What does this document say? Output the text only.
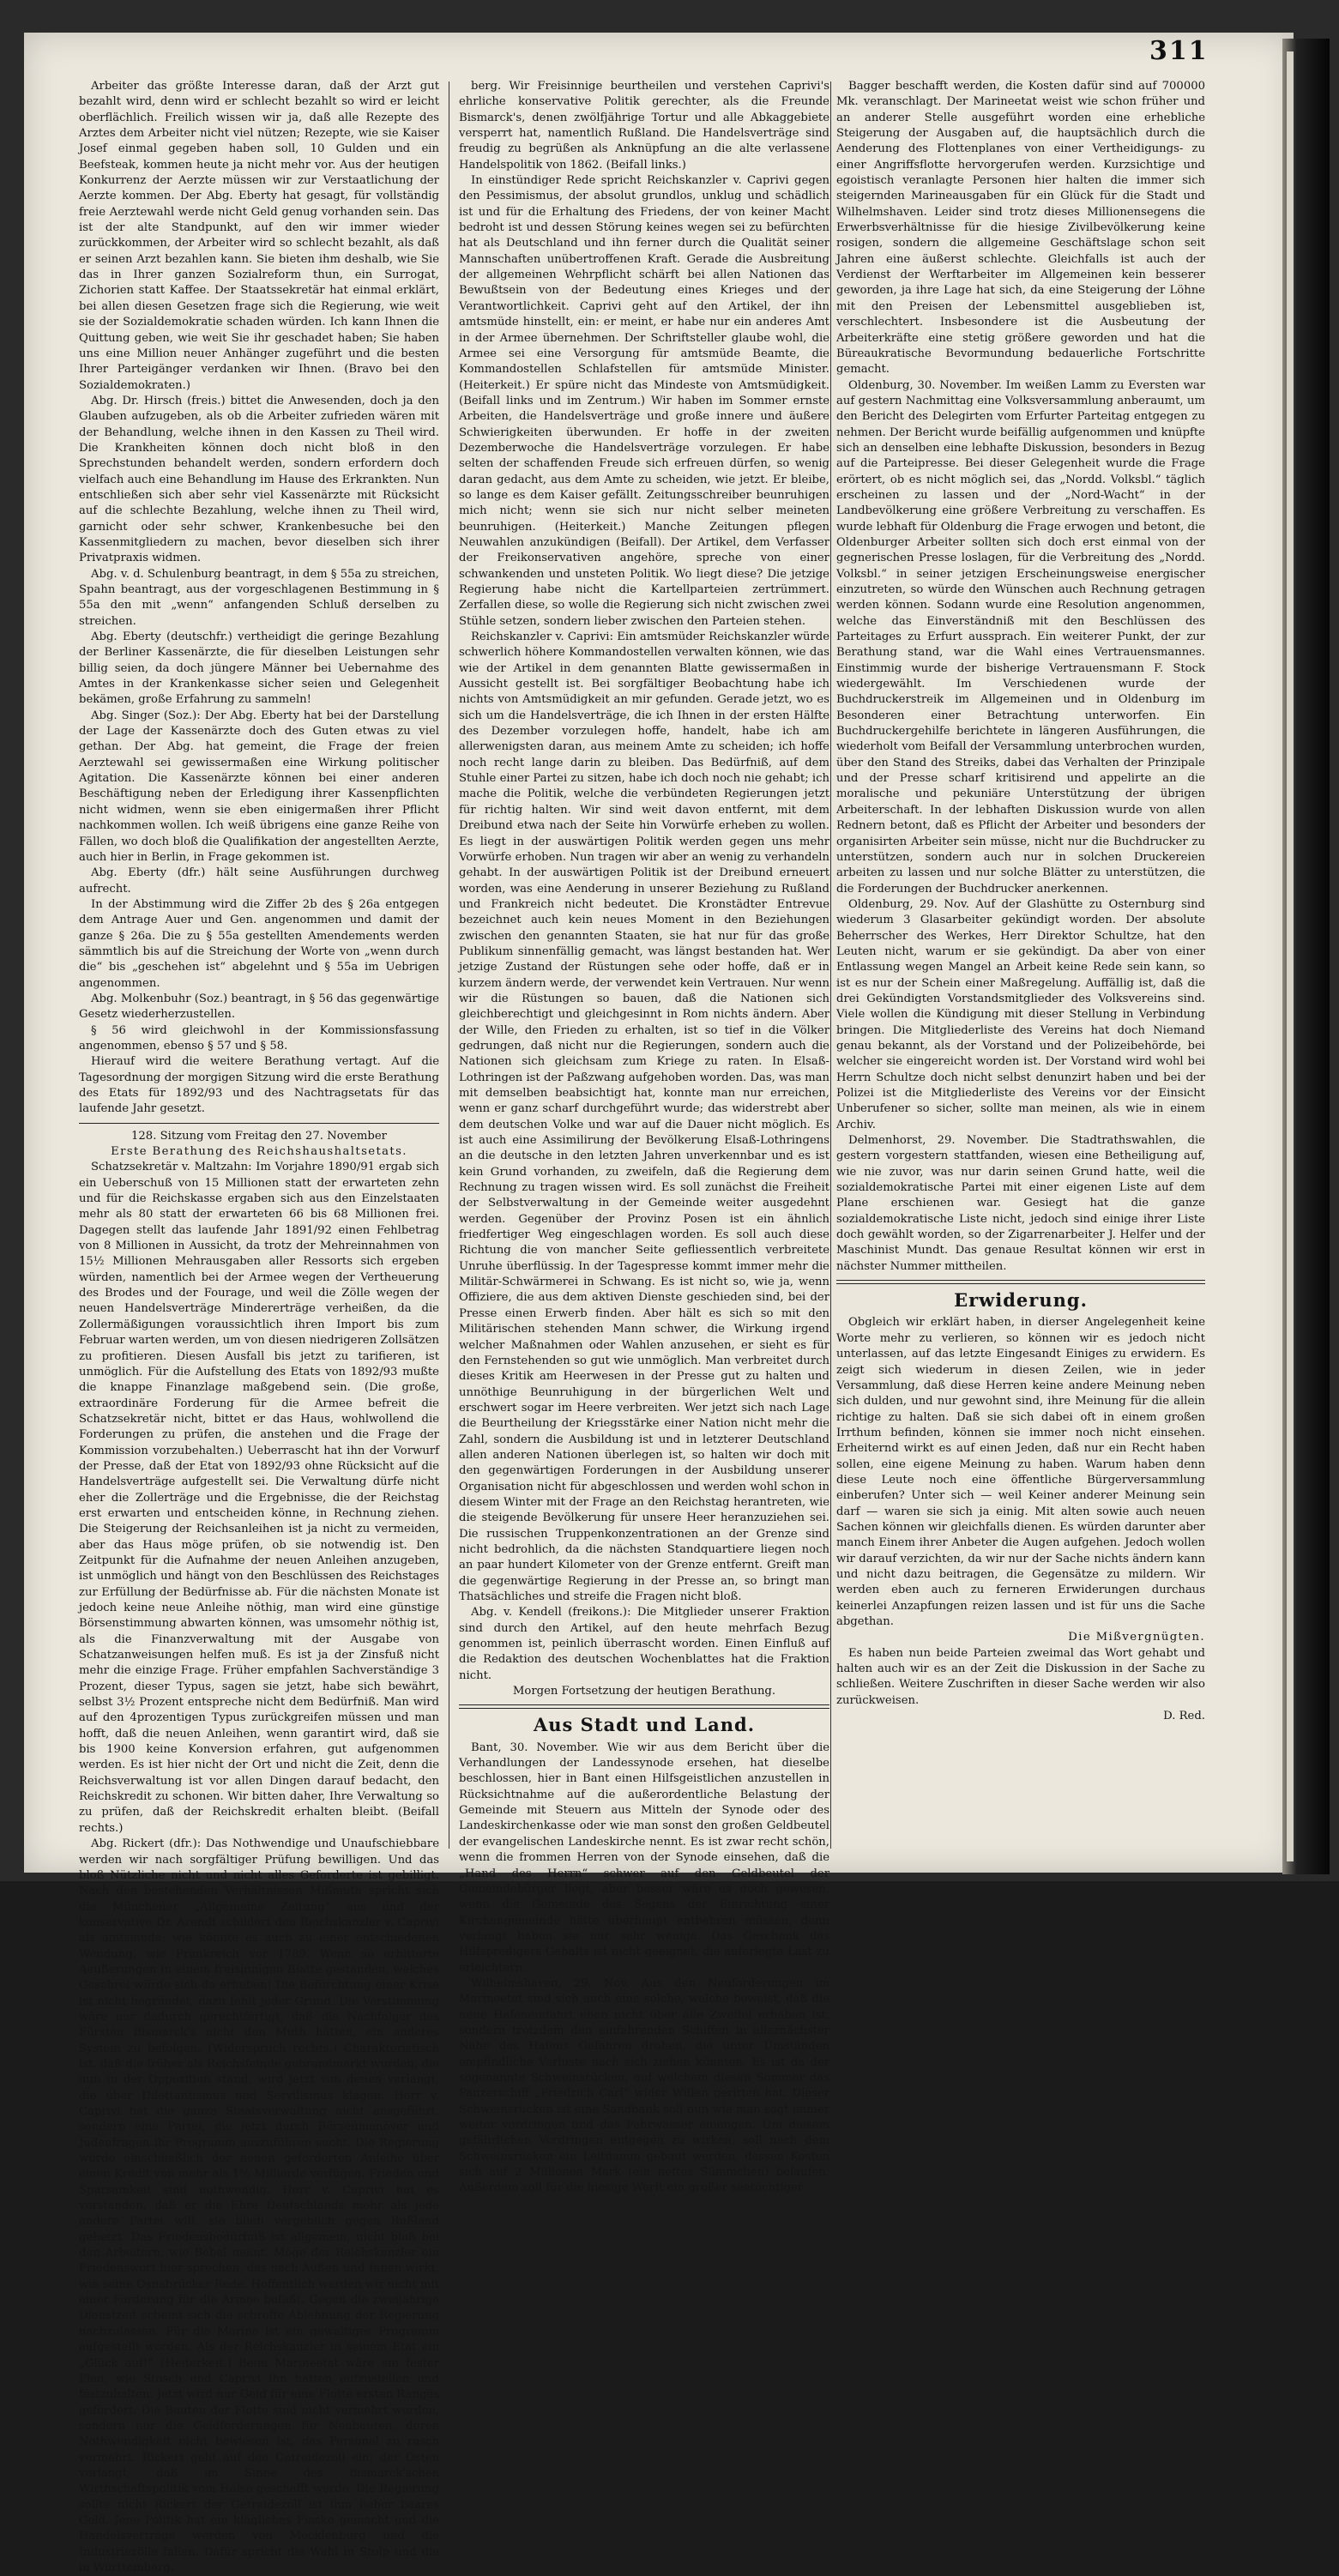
311

Arbeiter das größte Interesse daran, daß der Arzt gut bezahlt wird, denn wird er schlecht bezahlt so wird er leicht oberflächlich. Freilich wissen wir ja, daß alle Rezepte des Arztes dem Arbeiter nicht viel nützen; Rezepte, wie sie Kaiser Josef einmal gegeben haben soll, 10 Gulden und ein Beefsteak, kommen heute ja nicht mehr vor. Aus der heutigen Konkurrenz der Aerzte müssen wir zur Verstaatlichung der Aerzte kommen. Der Abg. Eberty hat gesagt, für vollständig freie Aerztewahl werde nicht Geld genug vorhanden sein. Das ist der alte Standpunkt, auf den wir immer wieder zurückkommen, der Arbeiter wird so schlecht bezahlt, als daß er seinen Arzt bezahlen kann. Sie bieten ihm deshalb, wie Sie das in Ihrer ganzen Sozialreform thun, ein Surrogat, Zichorien statt Kaffee. Der Staatssekretär hat einmal erklärt, bei allen diesen Gesetzen frage sich die Regierung, wie weit sie der Sozialdemokratie schaden würden. Ich kann Ihnen die Quittung geben, wie weit Sie ihr geschadet haben; Sie haben uns eine Million neuer Anhänger zugeführt und die besten Ihrer Parteigänger verdanken wir Ihnen. (Bravo bei den Sozialdemokraten.)

Abg. Dr. Hirsch (freis.) bittet die Anwesenden, doch ja den Glauben aufzugeben, als ob die Arbeiter zufrieden wären mit der Behandlung, welche ihnen in den Kassen zu Theil wird. Die Krankheiten können doch nicht bloß in den Sprechstunden behandelt werden, sondern erfordern doch vielfach auch eine Behandlung im Hause des Erkrankten. Nun entschließen sich aber sehr viel Kassenärzte mit Rücksicht auf die schlechte Bezahlung, welche ihnen zu Theil wird, garnicht oder sehr schwer, Krankenbesuche bei den Kassenmitgliedern zu machen, bevor dieselben sich ihrer Privatpraxis widmen.

Abg. v. d. Schulenburg beantragt, in dem § 55a zu streichen, Spahn beantragt, aus der vorgeschlagenen Bestimmung in § 55a den mit „wenn“ anfangenden Schluß derselben zu streichen.

Abg. Eberty (deutschfr.) vertheidigt die geringe Bezahlung der Berliner Kassenärzte, die für dieselben Leistungen sehr billig seien, da doch jüngere Männer bei Uebernahme des Amtes in der Krankenkasse sicher seien und Gelegenheit bekämen, große Erfahrung zu sammeln!

Abg. Singer (Soz.): Der Abg. Eberty hat bei der Darstellung der Lage der Kassenärzte doch des Guten etwas zu viel gethan. Der Abg. hat gemeint, die Frage der freien Aerztewahl sei gewissermaßen eine Wirkung politischer Agitation. Die Kassenärzte können bei einer anderen Beschäftigung neben der Erledigung ihrer Kassenpflichten nicht widmen, wenn sie eben einigermaßen ihrer Pflicht nachkommen wollen. Ich weiß übrigens eine ganze Reihe von Fällen, wo doch bloß die Qualifikation der angestellten Aerzte, auch hier in Berlin, in Frage gekommen ist.

Abg. Eberty (dfr.) hält seine Ausführungen durchweg aufrecht.

In der Abstimmung wird die Ziffer 2b des § 26a entgegen dem Antrage Auer und Gen. angenommen und damit der ganze § 26a. Die zu § 55a gestellten Amendements werden sämmtlich bis auf die Streichung der Worte von „wenn durch die“ bis „geschehen ist“ abgelehnt und § 55a im Uebrigen angenommen.

Abg. Molkenbuhr (Soz.) beantragt, in § 56 das gegenwärtige Gesetz wiederherzustellen.

§ 56 wird gleichwohl in der Kommissionsfassung angenommen, ebenso § 57 und § 58.

Hierauf wird die weitere Berathung vertagt. Auf die Tagesordnung der morgigen Sitzung wird die erste Berathung des Etats für 1892/93 und des Nachtragsetats für das laufende Jahr gesetzt.

128. Sitzung vom Freitag den 27. November

Erste Berathung des Reichshaushaltsetats.

Schatzsekretär v. Maltzahn: Im Vorjahre 1890/91 ergab sich ein Ueberschuß von 15 Millionen statt der erwarteten zehn und für die Reichskasse ergaben sich aus den Einzelstaaten mehr als 80 statt der erwarteten 66 bis 68 Millionen frei. Dagegen stellt das laufende Jahr 1891/92 einen Fehlbetrag von 8 Millionen in Aussicht, da trotz der Mehreinnahmen von 15½ Millionen Mehrausgaben aller Ressorts sich ergeben würden, namentlich bei der Armee wegen der Vertheuerung des Brodes und der Fourage, und weil die Zölle wegen der neuen Handelsverträge Mindererträge verheißen, da die Zollermäßigungen voraussichtlich ihren Import bis zum Februar warten werden, um von diesen niedrigeren Zollsätzen zu profitieren. Diesen Ausfall bis jetzt zu tarifieren, ist unmöglich. Für die Aufstellung des Etats von 1892/93 mußte die knappe Finanzlage maßgebend sein. (Die große, extraordinäre Forderung für die Armee befreit die Schatzsekretär nicht, bittet er das Haus, wohlwollend die Forderungen zu prüfen, die anstehen und die Frage der Kommission vorzubehalten.) Ueberrascht hat ihn der Vorwurf der Presse, daß der Etat von 1892/93 ohne Rücksicht auf die Handelsverträge aufgestellt sei. Die Verwaltung dürfe nicht eher die Zollerträge und die Ergebnisse, die der Reichstag erst erwarten und entscheiden könne, in Rechnung ziehen. Die Steigerung der Reichsanleihen ist ja nicht zu vermeiden, aber das Haus möge prüfen, ob sie notwendig ist. Den Zeitpunkt für die Aufnahme der neuen Anleihen anzugeben, ist unmöglich und hängt von den Beschlüssen des Reichstages zur Erfüllung der Bedürfnisse ab. Für die nächsten Monate ist jedoch keine neue Anleihe nöthig, man wird eine günstige Börsenstimmung abwarten können, was umsomehr nöthig ist, als die Finanzverwaltung mit der Ausgabe von Schatzanweisungen helfen muß. Es ist ja der Zinsfuß nicht mehr die einzige Frage. Früher empfahlen Sachverständige 3 Prozent, dieser Typus, sagen sie jetzt, habe sich bewährt, selbst 3½ Prozent entspreche nicht dem Bedürfniß. Man wird auf den 4prozentigen Typus zurückgreifen müssen und man hofft, daß die neuen Anleihen, wenn garantirt wird, daß sie bis 1900 keine Konversion erfahren, gut aufgenommen werden. Es ist hier nicht der Ort und nicht die Zeit, denn die Reichsverwaltung ist vor allen Dingen darauf bedacht, den Reichskredit zu schonen. Wir bitten daher, Ihre Verwaltung so zu prüfen, daß der Reichskredit erhalten bleibt. (Beifall rechts.)

Abg. Rickert (dfr.): Das Nothwendige und Unaufschiebbare werden wir nach sorgfältiger Prüfung bewilligen. Und das bloß Nützliche nicht und nicht alles Geforderte ist gebilligt. Nach den bestehenden Verhältnissen Mißmuth spricht sich die Münchener „Allgemeine Zeitung“ aus und der konservative Dr. Arendt schildert den Reichskanzler v. Caprivi als amtsmüde; wie könnte es auch zu einer entschiedenen Wendung, wie Frankreich vor 1789. Wenn so erbitterte Aeußerungen in einem freisinnigen Blatte gestanden, welches Geschrei würde sich da erheben! Die Befürchtung einer Krise ist nicht begründet, dazu fehlt jeder Grund. Die Verstimmung wäre nur dadurch gerechtfertigt, daß die Nachfolger des Fürsten Bismarck's nicht den Muth hätten, ein anderes System zu befolgen. (Widerspruch rechts.) Charakteristisch ist, daß die früher als Reichsfeinde gebrandmarkt wurden, die nun in der Opposition stand, wird jetzt von denen verlangt, die über Dilettantismus und Servilismus klagen. Herr v. Caprivi hat die ganze Staatsverwaltung nicht ausgeführt, sondern eine Partei, die jetzt durch Börsenmanöver und Judenfragen ihr Programm auszuführen sucht. Die Regierung würde einschließlich der neuen geforderten Anleihe über einen Kredit von mehr als 1½ Milliarde verfügen. Frieden und Sparsamkeit sind nothwendig. Herr v. Caprivi hat es verstanden, daß er die Ehre Deutschlands mehr als jede andere Partei will, sie blieb vergeblich gegen Rußland gehetzt. Das Friedensbedürfniß ist allgemein, nicht bloß bei den Arbeitern, wie Bebel meint. Möge der Reichskanzler ein Friedenswort hier sprechen, das nach Außen und Innen wirkt, wie seine Osnabrücker Rede. Hoffentlich werden wir nicht mit einer Forderung für die Armee befaßt. Gegen die zweijährige Dienstzeit scheint sich die schroffe Ablehnung der Regierung nachzulassen. Für die Marine ist ein gewaltiges Programm aufgestellt worden. Als der Reichskanzler in seinem Etat ein „Glück auf!“ (Heiterkeit.) Beim Marineetat wäre ein fester Plan, wie Stosch und Caprivi ihn hatten aufzustellen und festzuhalten. Jetzt wird nur Geld für eine Flotte ersten Ranges gefordert. Die Bauten der Flotte sind nicht vermehrt worden, sondern nur die Geldforderungen für Neubauten, deren Nothwendigkeit nicht bewiesen ist, das Personal zu rasch vermehrt. Rickert geht auf den Getreidezoll ein: der Osten verlangt, daß im Sinne des Bismarck'schen Wirthschaftspolitik vom Halse geschafft werde. Die Regierung sollte nicht Rickert der Getreidezoll ist ihm lieber baares Geld. Jene Politik hat ein klägliches Fiasko gemacht und die Handelsverträge werden von Mecklenburg und die Industriezölle fallen. Dafür spricht die Wahl in Stolp und die in Württemberg.

berg. Wir Freisinnige beurtheilen und verstehen Caprivi's ehrliche konservative Politik gerechter, als die Freunde Bismarck's, denen zwölfjährige Tortur und alle Abkaggebiete versperrt hat, namentlich Rußland. Die Handelsverträge sind freudig zu begrüßen als Anknüpfung an die alte verlassene Handelspolitik von 1862. (Beifall links.)

In einstündiger Rede spricht Reichskanzler v. Caprivi gegen den Pessimismus, der absolut grundlos, unklug und schädlich ist und für die Erhaltung des Friedens, der von keiner Macht bedroht ist und dessen Störung keines wegen sei zu befürchten hat als Deutschland und ihn ferner durch die Qualität seiner Mannschaften unübertroffenen Kraft. Gerade die Ausbreitung der allgemeinen Wehrpflicht schärft bei allen Nationen das Bewußtsein von der Bedeutung eines Krieges und der Verantwortlichkeit. Caprivi geht auf den Artikel, der ihn amtsmüde hinstellt, ein: er meint, er habe nur ein anderes Amt in der Armee übernehmen. Der Schriftsteller glaube wohl, die Armee sei eine Versorgung für amtsmüde Beamte, die Kommandostellen Schlafstellen für amtsmüde Minister. (Heiterkeit.) Er spüre nicht das Mindeste von Amtsmüdigkeit. (Beifall links und im Zentrum.) Wir haben im Sommer ernste Arbeiten, die Handelsverträge und große innere und äußere Schwierigkeiten überwunden. Er hoffe in der zweiten Dezemberwoche die Handelsverträge vorzulegen. Er habe selten der schaffenden Freude sich erfreuen dürfen, so wenig daran gedacht, aus dem Amte zu scheiden, wie jetzt. Er bleibe, so lange es dem Kaiser gefällt. Zeitungsschreiber beunruhigen mich nicht; wenn sie sich nur nicht selber meineten beunruhigen. (Heiterkeit.) Manche Zeitungen pflegen Neuwahlen anzukündigen (Beifall). Der Artikel, dem Verfasser der Freikonservativen angehöre, spreche von einer schwankenden und unsteten Politik. Wo liegt diese? Die jetzige Regierung habe nicht die Kartellparteien zertrümmert. Zerfallen diese, so wolle die Regierung sich nicht zwischen zwei Stühle setzen, sondern lieber zwischen den Parteien stehen.

Reichskanzler v. Caprivi: Ein amtsmüder Reichskanzler würde schwerlich höhere Kommandostellen verwalten können, wie das wie der Artikel in dem genannten Blatte gewissermaßen in Aussicht gestellt ist. Bei sorgfältiger Beobachtung habe ich nichts von Amtsmüdigkeit an mir gefunden. Gerade jetzt, wo es sich um die Handelsverträge, die ich Ihnen in der ersten Hälfte des Dezember vorzulegen hoffe, handelt, habe ich am allerwenigsten daran, aus meinem Amte zu scheiden; ich hoffe noch recht lange darin zu bleiben. Das Bedürfniß, auf dem Stuhle einer Partei zu sitzen, habe ich doch noch nie gehabt; ich mache die Politik, welche die verbündeten Regierungen jetzt für richtig halten. Wir sind weit davon entfernt, mit dem Dreibund etwa nach der Seite hin Vorwürfe erheben zu wollen. Es liegt in der auswärtigen Politik werden gegen uns mehr Vorwürfe erhoben. Nun tragen wir aber an wenig zu verhandeln gehabt. In der auswärtigen Politik ist der Dreibund erneuert worden, was eine Aenderung in unserer Beziehung zu Rußland und Frankreich nicht bedeutet. Die Kronstädter Entrevue bezeichnet auch kein neues Moment in den Beziehungen zwischen den genannten Staaten, sie hat nur für das große Publikum sinnenfällig gemacht, was längst bestanden hat. Wer jetzige Zustand der Rüstungen sehe oder hoffe, daß er in kurzem ändern werde, der verwendet kein Vertrauen. Nur wenn wir die Rüstungen so bauen, daß die Nationen sich gleichberechtigt und gleichgesinnt in Rom nichts ändern. Aber der Wille, den Frieden zu erhalten, ist so tief in die Völker gedrungen, daß nicht nur die Regierungen, sondern auch die Nationen sich gleichsam zum Kriege zu raten. In Elsaß-Lothringen ist der Paßzwang aufgehoben worden. Das, was man mit demselben beabsichtigt hat, konnte man nur erreichen, wenn er ganz scharf durchgeführt wurde; das widerstrebt aber dem deutschen Volke und war auf die Dauer nicht möglich. Es ist auch eine Assimilirung der Bevölkerung Elsaß-Lothringens an die deutsche in den letzten Jahren unverkennbar und es ist kein Grund vorhanden, zu zweifeln, daß die Regierung dem Rechnung zu tragen wissen wird. Es soll zunächst die Freiheit der Selbstverwaltung in der Gemeinde weiter ausgedehnt werden. Gegenüber der Provinz Posen ist ein ähnlich friedfertiger Weg eingeschlagen worden. Es soll auch diese Richtung die von mancher Seite gefliessentlich verbreitete Unruhe überflüssig. In der Tagespresse kommt immer mehr die Militär-Schwärmerei in Schwang. Es ist nicht so, wie ja, wenn Offiziere, die aus dem aktiven Dienste geschieden sind, bei der Presse einen Erwerb finden. Aber hält es sich so mit den Militärischen stehenden Mann schwer, die Wirkung irgend welcher Maßnahmen oder Wahlen anzusehen, er sieht es für den Fernstehenden so gut wie unmöglich. Man verbreitet durch dieses Kritik am Heerwesen in der Presse gut zu halten und unnöthige Beunruhigung in der bürgerlichen Welt und erschwert sogar im Heere verbreiten. Wer jetzt sich nach Lage die Beurtheilung der Kriegsstärke einer Nation nicht mehr die Zahl, sondern die Ausbildung ist und in letzterer Deutschland allen anderen Nationen überlegen ist, so halten wir doch mit den gegenwärtigen Forderungen in der Ausbildung unserer Organisation nicht für abgeschlossen und werden wohl schon in diesem Winter mit der Frage an den Reichstag herantreten, wie die steigende Bevölkerung für unsere Heer heranzuziehen sei. Die russischen Truppenkonzentrationen an der Grenze sind nicht bedrohlich, da die nächsten Standquartiere liegen noch an paar hundert Kilometer von der Grenze entfernt. Greift man die gegenwärtige Regierung in der Presse an, so bringt man Thatsächliches und streife die Fragen nicht bloß.

Abg. v. Kendell (freikons.): Die Mitglieder unserer Fraktion sind durch den Artikel, auf den heute mehrfach Bezug genommen ist, peinlich überrascht worden. Einen Einfluß auf die Redaktion des deutschen Wochenblattes hat die Fraktion nicht.

Morgen Fortsetzung der heutigen Berathung.

Aus Stadt und Land.

Bant, 30. November. Wie wir aus dem Bericht über die Verhandlungen der Landessynode ersehen, hat dieselbe beschlossen, hier in Bant einen Hilfsgeistlichen anzustellen in Rücksichtnahme auf die außerordentliche Belastung der Gemeinde mit Steuern aus Mitteln der Synode oder des Landeskirchenkasse oder wie man sonst den großen Geldbeutel der evangelischen Landeskirche nennt. Es ist zwar recht schön, wenn die frommen Herren von der Synode einsehen, daß die „Hand des Herrn“ schwer auf den Geldbeutel der Gemeindebürger liegt, aber besser wäre es doch gewesen, wenn die Gemeinde des Segens der Einrichtung einer Kirchengemeinde hätte überhaupt entbehren müssen, denn verlangt haben sie nur sehr wenige. Das Geschenk des Hilfspredigers Gehalts ist nicht geeignet, die auferlegte Last zu erleichtern.

Wilhelmshaven, 29. Nov. Aus den Neuforderungen im Marineetat sind sich auch eine solche, welche beweist, daß die neue Hafeneinfahrt eben nicht über alle Zweifel erhaben ist, sondern trotzdem den einfahrenden Schiffen in allernächster Nähe des Hafens Gefahren drohen, die unter Umständen empfindliche Verluste nach sich ziehen könnten. Es ist da der sogenannte Schweinsrücken, auf welchem diesen Sommer das Panzerschiff „Friedrich Carl“ wider Willen geritten hat. Dieser Schweinsrücken ist eine Sandbank soll nun wie man sagt immer weiter vordringen und das Fahrwasser einengen. Um diesem gefährlichen Vordringen entgegen zu wirken, soll nach dem Schweinsrücken ein Leitdamm gebaut werden, dessen Kosten sich auf 2 Millionen Mark (ein nettes Sümmchen) belaufen. Außerdem soll für die hiesige Werft ein großer seetüchtiger

Bagger beschafft werden, die Kosten dafür sind auf 700000 Mk. veranschlagt. Der Marineetat weist wie schon früher und an anderer Stelle ausgeführt worden eine erhebliche Steigerung der Ausgaben auf, die hauptsächlich durch die Aenderung des Flottenplanes von einer Vertheidigungs- zu einer Angriffsflotte hervorgerufen werden. Kurzsichtige und egoistisch veranlagte Personen hier halten die immer sich steigernden Marineausgaben für ein Glück für die Stadt und Wilhelmshaven. Leider sind trotz dieses Millionensegens die Erwerbsverhältnisse für die hiesige Zivilbevölkerung keine rosigen, sondern die allgemeine Geschäftslage schon seit Jahren eine äußerst schlechte. Gleichfalls ist auch der Verdienst der Werftarbeiter im Allgemeinen kein besserer geworden, ja ihre Lage hat sich, da eine Steigerung der Löhne mit den Preisen der Lebensmittel ausgeblieben ist, verschlechtert. Insbesondere ist die Ausbeutung der Arbeiterkräfte eine stetig größere geworden und hat die Büreaukratische Bevormundung bedauerliche Fortschritte gemacht.

Oldenburg, 30. November. Im weißen Lamm zu Eversten war auf gestern Nachmittag eine Volksversammlung anberaumt, um den Bericht des Delegirten vom Erfurter Parteitag entgegen zu nehmen. Der Bericht wurde beifällig aufgenommen und knüpfte sich an denselben eine lebhafte Diskussion, besonders in Bezug auf die Parteipresse. Bei dieser Gelegenheit wurde die Frage erörtert, ob es nicht möglich sei, das „Nordd. Volksbl.“ täglich erscheinen zu lassen und der „Nord-Wacht“ in der Landbevölkerung eine größere Verbreitung zu verschaffen. Es wurde lebhaft für Oldenburg die Frage erwogen und betont, die Oldenburger Arbeiter sollten sich doch erst einmal von der gegnerischen Presse loslagen, für die Verbreitung des „Nordd. Volksbl.“ in seiner jetzigen Erscheinungsweise energischer einzutreten, so würde den Wünschen auch Rechnung getragen werden können. Sodann wurde eine Resolution angenommen, welche das Einverständniß mit den Beschlüssen des Parteitages zu Erfurt aussprach. Ein weiterer Punkt, der zur Berathung stand, war die Wahl eines Vertrauensmannes. Einstimmig wurde der bisherige Vertrauensmann F. Stock wiedergewählt. Im Verschiedenen wurde der Buchdruckerstreik im Allgemeinen und in Oldenburg im Besonderen einer Betrachtung unterworfen. Ein Buchdruckergehilfe berichtete in längeren Ausführungen, die wiederholt vom Beifall der Versammlung unterbrochen wurden, über den Stand des Streiks, dabei das Verhalten der Prinzipale und der Presse scharf kritisirend und appelirte an die moralische und pekuniäre Unterstützung der übrigen Arbeiterschaft. In der lebhaften Diskussion wurde von allen Rednern betont, daß es Pflicht der Arbeiter und besonders der organisirten Arbeiter sein müsse, nicht nur die Buchdrucker zu unterstützen, sondern auch nur in solchen Druckereien arbeiten zu lassen und nur solche Blätter zu unterstützen, die die Forderungen der Buchdrucker anerkennen.

Oldenburg, 29. Nov. Auf der Glashütte zu Osternburg sind wiederum 3 Glasarbeiter gekündigt worden. Der absolute Beherrscher des Werkes, Herr Direktor Schultze, hat den Leuten nicht, warum er sie gekündigt. Da aber von einer Entlassung wegen Mangel an Arbeit keine Rede sein kann, so ist es nur der Schein einer Maßregelung. Auffällig ist, daß die drei Gekündigten Vorstandsmitglieder des Volksvereins sind. Viele wollen die Kündigung mit dieser Stellung in Verbindung bringen. Die Mitgliederliste des Vereins hat doch Niemand genau bekannt, als der Vorstand und der Polizeibehörde, bei welcher sie eingereicht worden ist. Der Vorstand wird wohl bei Herrn Schultze doch nicht selbst denunzirt haben und bei der Polizei ist die Mitgliederliste des Vereins vor der Einsicht Unberufener so sicher, sollte man meinen, als wie in einem Archiv.

Delmenhorst, 29. November. Die Stadtrathswahlen, die gestern vorgestern stattfanden, wiesen eine Betheiligung auf, wie nie zuvor, was nur darin seinen Grund hatte, weil die sozialdemokratische Partei mit einer eigenen Liste auf dem Plane erschienen war. Gesiegt hat die ganze sozialdemokratische Liste nicht, jedoch sind einige ihrer Liste doch gewählt worden, so der Zigarrenarbeiter J. Helfer und der Maschinist Mundt. Das genaue Resultat können wir erst in nächster Nummer mittheilen.

Erwiderung.

Obgleich wir erklärt haben, in dierser Angelegenheit keine Worte mehr zu verlieren, so können wir es jedoch nicht unterlassen, auf das letzte Eingesandt Einiges zu erwidern. Es zeigt sich wiederum in diesen Zeilen, wie in jeder Versammlung, daß diese Herren keine andere Meinung neben sich dulden, und nur gewohnt sind, ihre Meinung für die allein richtige zu halten. Daß sie sich dabei oft in einem großen Irrthum befinden, können sie immer noch nicht einsehen. Erheiternd wirkt es auf einen Jeden, daß nur ein Recht haben sollen, eine eigene Meinung zu haben. Warum haben denn diese Leute noch eine öffentliche Bürgerversammlung einberufen? Unter sich — weil Keiner anderer Meinung sein darf — waren sie sich ja einig. Mit alten sowie auch neuen Sachen können wir gleichfalls dienen. Es würden darunter aber manch Einem ihrer Anbeter die Augen aufgehen. Jedoch wollen wir darauf verzichten, da wir nur der Sache nichts ändern kann und nicht dazu beitragen, die Gegensätze zu mildern. Wir werden eben auch zu ferneren Erwiderungen durchaus keinerlei Anzapfungen reizen lassen und ist für uns die Sache abgethan.

Die Mißvergnügten.

Es haben nun beide Parteien zweimal das Wort gehabt und halten auch wir es an der Zeit die Diskussion in der Sache zu schließen. Weitere Zuschriften in dieser Sache werden wir also zurückweisen.

D. Red.
